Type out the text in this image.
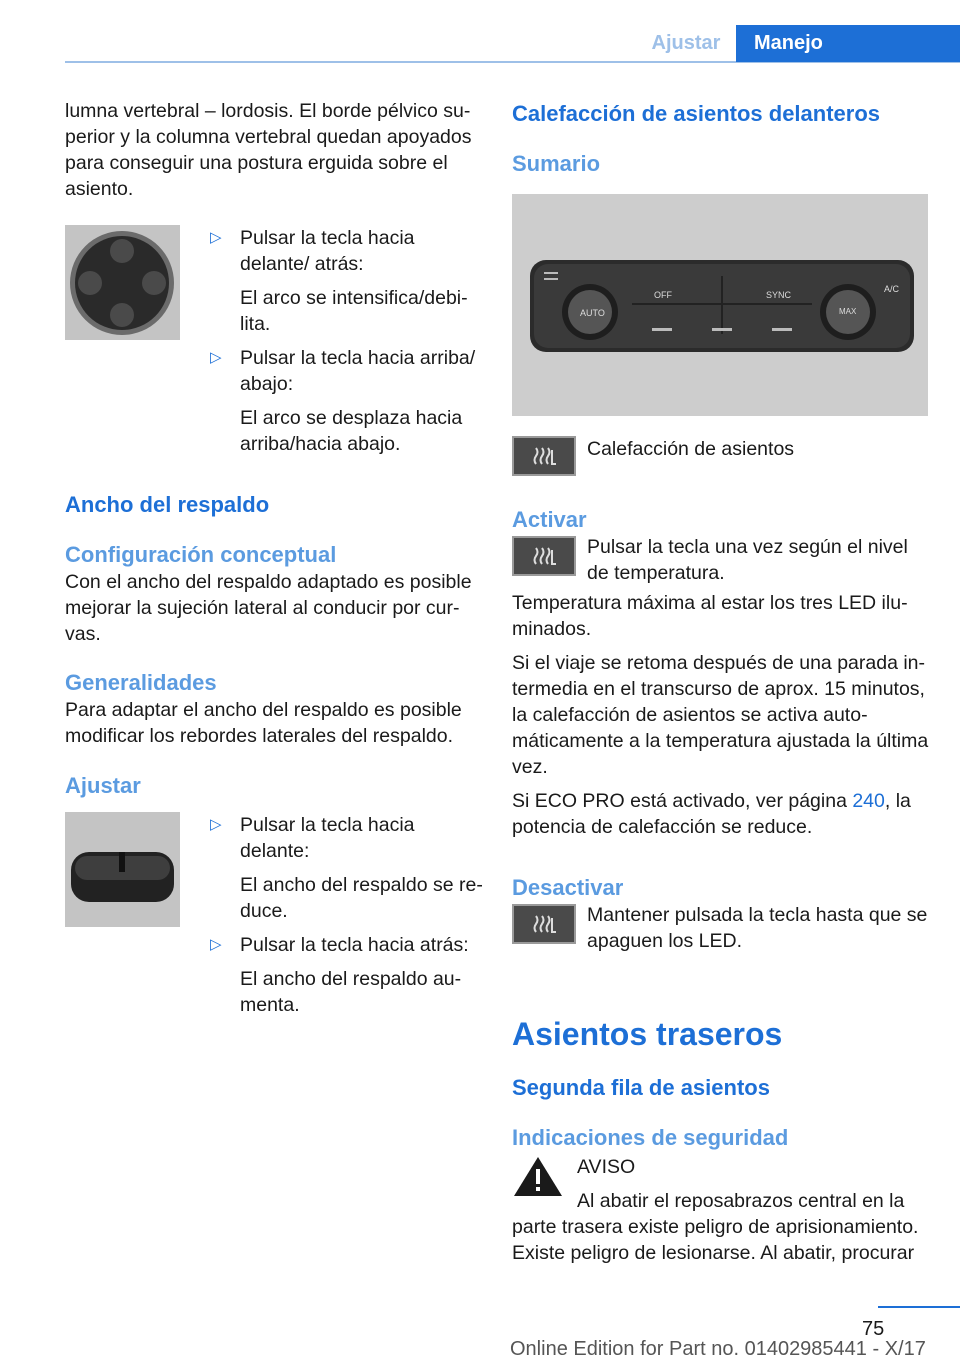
Ajustar	Manejo

lumna vertebral – lordosis. El borde pélvico superior y la columna vertebral quedan apoyados para conseguir una postura erguida sobre el asiento.

▷ Pulsar la tecla hacia delante/ atrás:

El arco se intensifica/debilita.

▷ Pulsar la tecla hacia arriba/ abajo:

El arco se desplaza hacia arriba/hacia abajo.

Ancho del respaldo

Configuración conceptual

Con el ancho del respaldo adaptado es posible mejorar la sujeción lateral al conducir por curvas.

Generalidades

Para adaptar el ancho del respaldo es posible modificar los rebordes laterales del respaldo.

Ajustar

▷ Pulsar la tecla hacia delante:

El ancho del respaldo se reduce.

▷ Pulsar la tecla hacia atrás:

El ancho del respaldo aumenta.

Calefacción de asientos delanteros

Sumario

AUTO
OFF	SYNC
MAX
A/C

Calefacción de asientos

Activar

Pulsar la tecla una vez según el nivel de temperatura.

Temperatura máxima al estar los tres LED iluminados.

Si el viaje se retoma después de una parada intermedia en el transcurso de aprox. 15 minutos, la calefacción de asientos se activa automáticamente a la temperatura ajustada la última vez.

Si ECO PRO está activado, ver página 240, la potencia de calefacción se reduce.

Desactivar

Mantener pulsada la tecla hasta que se apaguen los LED.

Asientos traseros

Segunda fila de asientos

Indicaciones de seguridad

AVISO

Al abatir el reposabrazos central en la

parte trasera existe peligro de aprisionamiento. Existe peligro de lesionarse. Al abatir, procurar

75
Online Edition for Part no. 01402985441 - X/17
